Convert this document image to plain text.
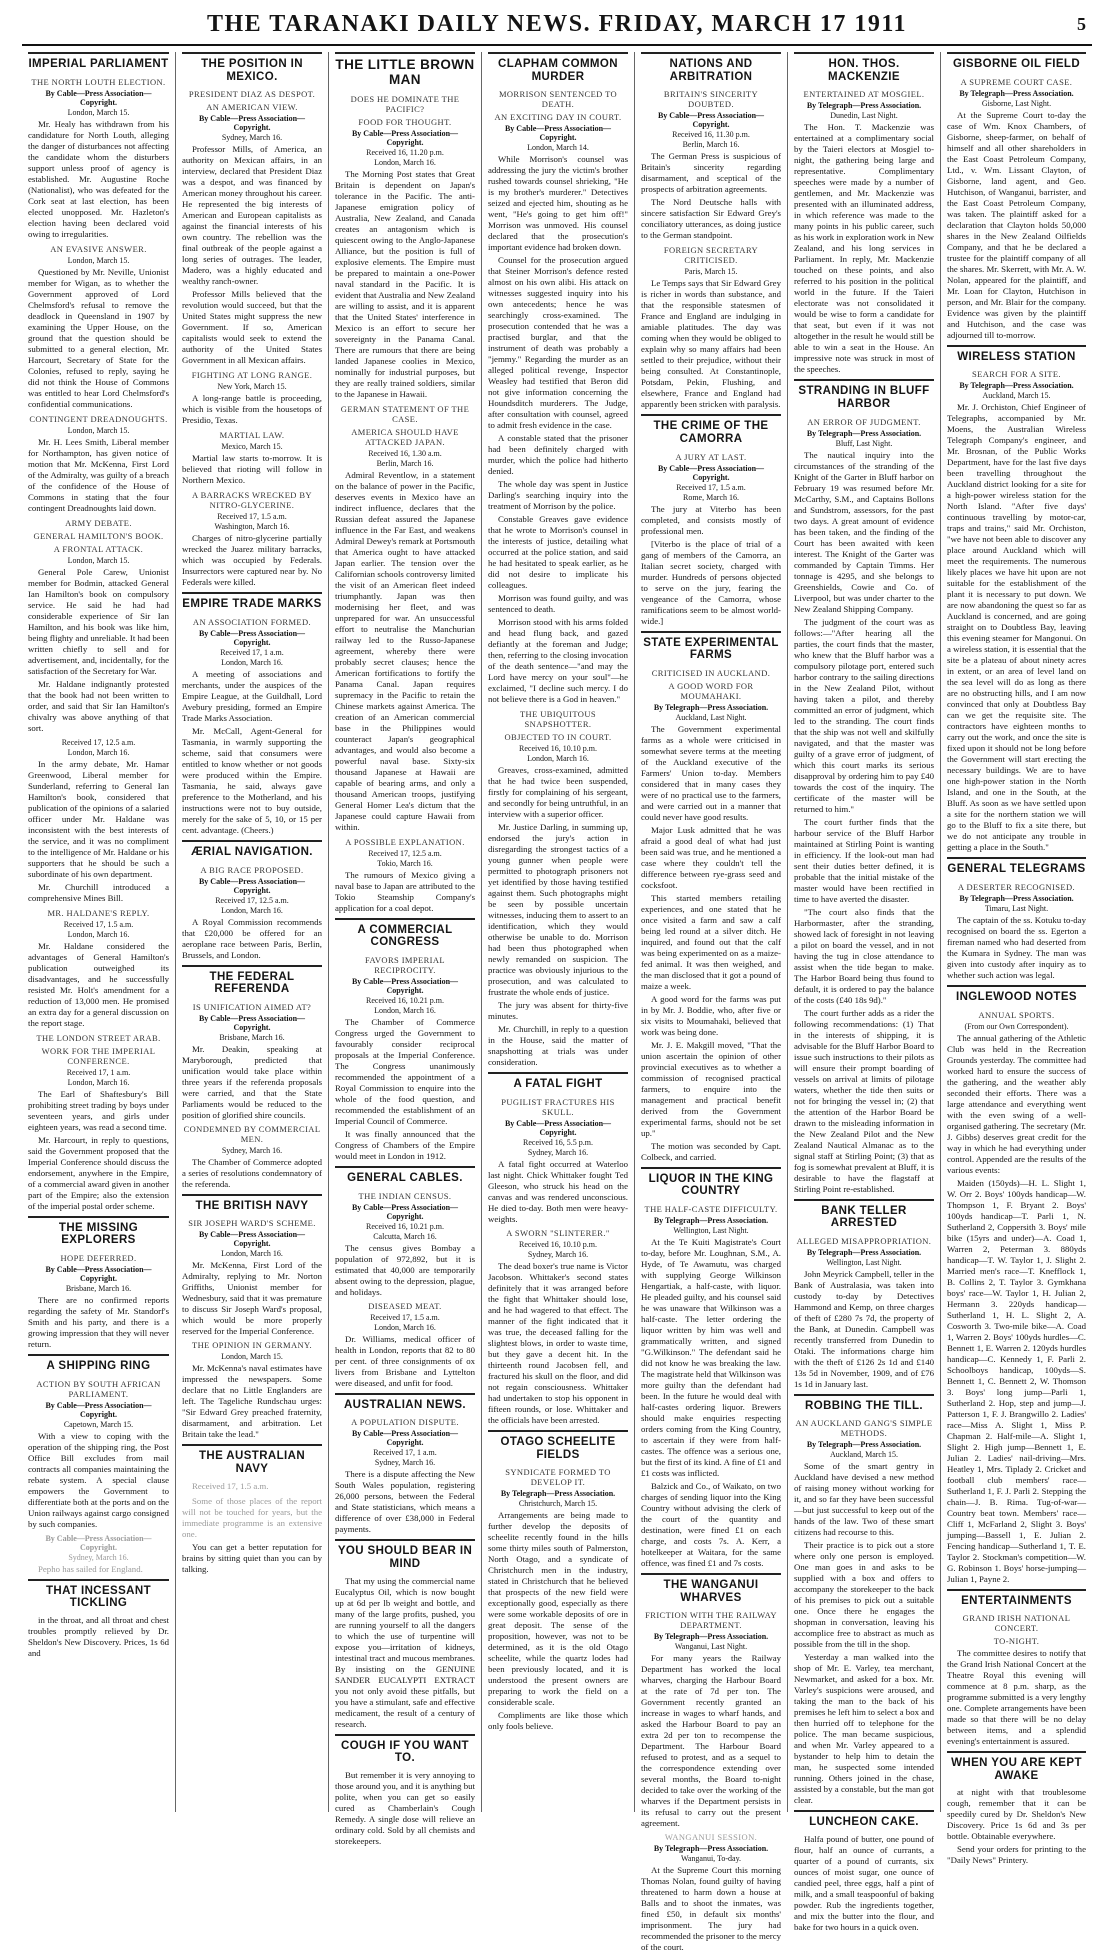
THE TARANAKI DAILY NEWS. FRIDAY, MARCH 17 1911	5
IMPERIAL PARLIAMENT
THE NORTH LOUTH ELECTION.
By Cable—Press Association—Copyright.
London, March 15.

Mr. Healy has withdrawn from his candidature for North Louth, alleging the danger of disturbances not affecting the candidate whom the disturbers support unless proof of agency is established. Mr. Augustine Roche (Nationalist), who was defeated for the Cork seat at last election, has been elected unopposed. Mr. Hazleton's election having been declared void owing to irregularities.

AN EVASIVE ANSWER.
London, March 15.

Questioned by Mr. Neville, Unionist member for Wigan, as to whether the Government approved of Lord Chelmsford's refusal to remove the deadlock in Queensland in 1907 by examining the Upper House, on the ground that the question should be submitted to a general election, Mr. Harcourt, Secretary of State for the Colonies, refused to reply, saying he did not think the House of Commons was entitled to hear Lord Chelmsford's confidential communications.

CONTINGENT DREADNOUGHTS.
London, March 15.

Mr. H. Lees Smith, Liberal member for Northampton, has given notice of motion that Mr. McKenna, First Lord of the Admiralty, was guilty of a breach of the confidence of the House of Commons in stating that the four contingent Dreadnoughts laid down.

ARMY DEBATE.
GENERAL HAMILTON'S BOOK.
A FRONTAL ATTACK.
London, March 15.

General Pole Carew, Unionist member for Bodmin, attacked General Ian Hamilton's book on compulsory service. He said he had had considerable experience of Sir Ian Hamilton, and his book was like him, being flighty and unreliable. It had been written chiefly to sell and for advertisement, and, incidentally, for the satisfaction of the Secretary for War.

Mr. Haldane indignantly protested that the book had not been written to order, and said that Sir Ian Hamilton's chivalry was above anything of that sort.

Received 17, 12.5 a.m.
London, March 16.

In the army debate, Mr. Hamar Greenwood, Liberal member for Sunderland, referring to General Ian Hamilton's book, considered that publication of the opinions of a salaried officer under Mr. Haldane was inconsistent with the best interests of the service, and it was no compliment to the intelligence of Mr. Haldane or his supporters that he should be such a subordinate of his own department.

Mr. Churchill introduced a comprehensive Mines Bill.

MR. HALDANE'S REPLY.
Received 17, 1.5 a.m.
London, March 16.

Mr. Haldane considered the advantages of General Hamilton's publication outweighed its disadvantages, and he successfully resisted Mr. Holt's amendment for a reduction of 13,000 men. He promised an extra day for a general discussion on the report stage.

THE LONDON STREET ARAB.
WORK FOR THE IMPERIAL CONFERENCE.
Received 17, 1 a.m.
London, March 16.

The Earl of Shaftesbury's Bill prohibiting street trading by boys under seventeen years, and girls under eighteen years, was read a second time.

Mr. Harcourt, in reply to questions, said the Government proposed that the Imperial Conference should discuss the endorsement, anywhere in the Empire, of a commercial award given in another part of the Empire; also the extension of the imperial postal order scheme.

THE MISSING EXPLORERS
HOPE DEFERRED.
By Cable—Press Association—Copyright.
Brisbane, March 16.

There are no confirmed reports regarding the safety of Mr. Standorf's Smith and his party, and there is a growing impression that they will never return.

A SHIPPING RING
ACTION BY SOUTH AFRICAN PARLIAMENT.
By Cable—Press Association—Copyright.
Capetown, March 15.

With a view to coping with the operation of the shipping ring, the Post Office Bill excludes from mail contracts all companies maintaining the rebate system. A special clause empowers the Government to differentiate both at the ports and on the Union railways against cargo consigned by such companies.

By Cable—Press Association—Copyright.
Sydney, March 16.

Pepho has sailed for England.

THAT INCESSANT TICKLING

in the throat, and all throat and chest troubles promptly relieved by Dr. Sheldon's New Discovery. Prices, 1s 6d and

THE POSITION IN MEXICO.
PRESIDENT DIAZ AS DESPOT.
AN AMERICAN VIEW.
By Cable—Press Association—Copyright.
Sydney, March 16.

Professor Mills, of America, an authority on Mexican affairs, in an interview, declared that President Diaz was a despot, and was financed by American money throughout his career. He represented the big interests of American and European capitalists as against the financial interests of his own country. The rebellion was the final outbreak of the people against a long series of outrages. The leader, Madero, was a highly educated and wealthy ranch-owner.

Professor Mills believed that the revolution would succeed, but that the United States might suppress the new Government. If so, American capitalists would seek to extend the authority of the United States Government in all Mexican affairs.

FIGHTING AT LONG RANGE.
New York, March 15.

A long-range battle is proceeding, which is visible from the housetops of Presidio, Texas.

MARTIAL LAW.
Mexico, March 15.

Martial law starts to-morrow. It is believed that rioting will follow in Northern Mexico.

A BARRACKS WRECKED BY NITRO-GLYCERINE.
Received 17, 1.5 a.m.
Washington, March 16.

Charges of nitro-glycerine partially wrecked the Juarez military barracks, which was occupied by Federals. Insurrectors were captured near by. No Federals were killed.

EMPIRE TRADE MARKS
AN ASSOCIATION FORMED.
By Cable—Press Association—Copyright.
Received 17, 1 a.m.
London, March 16.

A meeting of associations and merchants, under the auspices of the Empire League, at the Guildhall, Lord Avebury presiding, formed an Empire Trade Marks Association.

Mr. McCall, Agent-General for Tasmania, in warmly supporting the scheme, said that consumers were entitled to know whether or not goods were produced within the Empire. Tasmania, he said, always gave preference to the Motherland, and his instructions were not to buy outside, merely for the sake of 5, 10, or 15 per cent. advantage. (Cheers.)

ÆRIAL NAVIGATION.
A BIG RACE PROPOSED.
By Cable—Press Association—Copyright.
Received 17, 12.5 a.m.
London, March 16.

A Royal Commission recommends that £20,000 be offered for an aeroplane race between Paris, Berlin, Brussels, and London.

THE FEDERAL REFERENDA
IS UNIFICATION AIMED AT?
By Cable—Press Association—Copyright.
Brisbane, March 16.

Mr. Deakin, speaking at Maryborough, predicted that unification would take place within three years if the referenda proposals were carried, and that the State Parliaments would be reduced to the position of glorified shire councils.

CONDEMNED BY COMMERCIAL MEN.
Sydney, March 16.

The Chamber of Commerce adopted a series of resolutions condemnatory of the referenda.

THE BRITISH NAVY
SIR JOSEPH WARD'S SCHEME.
By Cable—Press Association—Copyright.
London, March 16.

Mr. McKenna, First Lord of the Admiralty, replying to Mr. Norton Griffiths, Unionist member for Wednesbury, said that it was premature to discuss Sir Joseph Ward's proposal, which would be more properly reserved for the Imperial Conference.

THE OPINION IN GERMANY.
London, March 15.

Mr. McKenna's naval estimates have impressed the newspapers. Some declare that no Little Englanders are left. The Tageliche Rundschau urges: "Sir Edward Grey preached fraternity, disarmament, and arbitration. Let Britain take the lead."

THE AUSTRALIAN NAVY

Received 17, 1.5 a.m.

Some of those places of the report will not be touched for years, but the immediate programme is an extensive one.

You can get a better reputation for brains by sitting quiet than you can by talking.

THE LITTLE BROWN MAN
DOES HE DOMINATE THE PACIFIC?
FOOD FOR THOUGHT.
By Cable—Press Association—Copyright.
Received 16, 11.20 p.m.
London, March 16.

The Morning Post states that Great Britain is dependent on Japan's tolerance in the Pacific. The anti-Japanese emigration policy of Australia, New Zealand, and Canada creates an antagonism which is quiescent owing to the Anglo-Japanese Alliance, but the position is full of explosive elements. The Empire must be prepared to maintain a one-Power naval standard in the Pacific. It is evident that Australia and New Zealand are willing to assist, and it is apparent that the United States' interference in Mexico is an effort to secure her sovereignty in the Panama Canal. There are rumours that there are being landed Japanese coolies in Mexico, nominally for industrial purposes, but they are really trained soldiers, similar to the Japanese in Hawaii.

GERMAN STATEMENT OF THE CASE.
AMERICA SHOULD HAVE ATTACKED JAPAN.
Received 16, 1.30 a.m.
Berlin, March 16.

Admiral Reventlow, in a statement on the balance of power in the Pacific, deserves events in Mexico have an indirect influence, declares that the Russian defeat assured the Japanese influence in the Far East, and weakens Admiral Dewey's remark at Portsmouth that America ought to have attacked Japan earlier. The tension over the Californian schools controversy limited the visit of an American fleet indeed triumphantly. Japan was then modernising her fleet, and was unprepared for war. An unsuccessful effort to neutralise the Manchurian railway led to the Russo-Japanese agreement, whereby there were probably secret clauses; hence the American fortifications to fortify the Panama Canal. Japan requires supremacy in the Pacific to retain the Chinese markets against America. The creation of an American commercial base in the Philippines would counteract Japan's geographical advantages, and would also become a powerful naval base. Sixty-six thousand Japanese at Hawaii are capable of bearing arms, and only a thousand American troops, justifying General Homer Lea's dictum that the Japanese could capture Hawaii from within.

A POSSIBLE EXPLANATION.
Received 17, 12.5 a.m.
Tokio, March 16.

The rumours of Mexico giving a naval base to Japan are attributed to the Tokio Steamship Company's application for a coal depot.

A COMMERCIAL CONGRESS
FAVORS IMPERIAL RECIPROCITY.
By Cable—Press Association—Copyright.
Received 16, 10.21 p.m.
London, March 16.

The Chamber of Commerce Congress urged the Government to favourably consider reciprocal proposals at the Imperial Conference. The Congress unanimously recommended the appointment of a Royal Commission to enquire into the whole of the food question, and recommended the establishment of an Imperial Council of Commerce.

It was finally announced that the Congress of Chambers of the Empire would meet in London in 1912.

GENERAL CABLES.
THE INDIAN CENSUS.
By Cable—Press Association—Copyright.
Received 16, 10.21 p.m.
Calcutta, March 16.

The census gives Bombay a population of 972,892, but it is estimated that 40,000 are temporarily absent owing to the depression, plague, and holidays.

DISEASED MEAT.
Received 17, 1.5 a.m.
London, March 16.

Dr. Williams, medical officer of health in London, reports that 82 to 80 per cent. of three consignments of ox livers from Brisbane and Lyttelton were diseased, and unfit for food.

AUSTRALIAN NEWS.
A POPULATION DISPUTE.
By Cable—Press Association—Copyright.
Received 17, 1 a.m.
Sydney, March 16.

There is a dispute affecting the New South Wales population, registering 26,000 persons, between the Federal and State statisticians, which means a difference of over £38,000 in Federal payments.

YOU SHOULD BEAR IN MIND

That my using the commercial name Eucalyptus Oil, which is now bought up at 6d per lb weight and bottle, and many of the large profits, pushed, you are running yourself to all the dangers to which the use of turpentine will expose you—irritation of kidneys, intestinal tract and mucous membranes. By insisting on the GENUINE SANDER EUCALYPTI EXTRACT you not only avoid these pitfalls, but you have a stimulant, safe and effective medicament, the result of a century of research.

COUGH IF YOU WANT TO.

But remember it is very annoying to those around you, and it is anything but polite, when you can get so easily cured as Chamberlain's Cough Remedy. A single dose will relieve an ordinary cold. Sold by all chemists and storekeepers.

CLAPHAM COMMON MURDER
MORRISON SENTENCED TO DEATH.
AN EXCITING DAY IN COURT.
By Cable—Press Association—Copyright.
London, March 14.

While Morrison's counsel was addressing the jury the victim's brother rushed towards counsel shrieking, "He is my brother's murderer." Detectives seized and ejected him, shouting as he went, "He's going to get him off!" Morrison was unmoved. His counsel declared that the prosecution's important evidence had broken down.

Counsel for the prosecution argued that Steiner Morrison's defence rested almost on his own alibi. His attack on witnesses suggested inquiry into his own antecedents; hence he was searchingly cross-examined. The prosecution contended that he was a practised burglar, and that the instrument of death was probably a "jemmy." Regarding the murder as an alleged political revenge, Inspector Weasley had testified that Beron did not give information concerning the Houndsditch murderers. The Judge, after consultation with counsel, agreed to admit fresh evidence in the case.

A constable stated that the prisoner had been definitely charged with murder, which the police had hitherto denied.

The whole day was spent in Justice Darling's searching inquiry into the treatment of Morrison by the police.

Constable Greaves gave evidence that he wrote to Morrison's counsel in the interests of justice, detailing what occurred at the police station, and said he had hesitated to speak earlier, as he did not desire to implicate his colleagues.

Morrison was found guilty, and was sentenced to death.

Morrison stood with his arms folded and head flung back, and gazed defiantly at the foreman and Judge; then, referring to the closing invocation of the death sentence—"and may the Lord have mercy on your soul"—he exclaimed, "I decline such mercy. I do not believe there is a God in heaven."

THE UBIQUITOUS SNAPSHOTTER.
OBJECTED TO IN COURT.
Received 16, 10.10 p.m.
London, March 16.

Greaves, cross-examined, admitted that he had twice been suspended, firstly for complaining of his sergeant, and secondly for being untruthful, in an interview with a superior officer.

Mr. Justice Darling, in summing up, endorsed the jury's action in disregarding the strongest tactics of a young gunner when people were permitted to photograph prisoners not yet identified by those having testified against them. Such photographs might be seen by possible uncertain witnesses, inducing them to assert to an identification, which they would otherwise be unable to do. Morrison had been thus photographed when newly remanded on suspicion. The practice was obviously injurious to the prosecution, and was calculated to frustrate the whole ends of justice.

The jury was absent for thirty-five minutes.

Mr. Churchill, in reply to a question in the House, said the matter of snapshotting at trials was under consideration.

A FATAL FIGHT
PUGILIST FRACTURES HIS SKULL.
By Cable—Press Association—Copyright.
Received 16, 5.5 p.m.
Sydney, March 16.

A fatal fight occurred at Waterloo last night. Chick Whittaker fought Ted Gleeson, who struck his head on the canvas and was rendered unconscious. He died to-day. Both men were heavy-weights.

A SWORN "SLINTERER."
Received 16, 10.10 p.m.
Sydney, March 16.

The dead boxer's true name is Victor Jacobson. Whittaker's second states definitely that it was arranged before the fight that Whittaker should lose, and he had wagered to that effect. The manner of the fight indicated that it was true, the deceased falling for the slightest blows, in order to waste time, but they gave a decent hit. In the thirteenth round Jacobsen fell, and fractured his skull on the floor, and did not regain consciousness. Whittaker had undertaken to stop his opponent in fifteen rounds, or lose. Whittaker and the officials have been arrested.

OTAGO SCHEELITE FIELDS
SYNDICATE FORMED TO DEVELOP IT.
By Telegraph—Press Association.
Christchurch, March 15.

Arrangements are being made to further develop the deposits of scheelite recently found in the hills some thirty miles south of Palmerston, North Otago, and a syndicate of Christchurch men in the industry, stated in Christchurch that he believed that prospects of the new field were exceptionally good, especially as there were some workable deposits of ore in great deposit. The sense of the proposition, however, was not to be determined, as it is the old Otago scheelite, while the quartz lodes had been previously located, and it is understood the present owners are preparing to work the field on a considerable scale.

Compliments are like those which only fools believe.

NATIONS AND ARBITRATION
BRITAIN'S SINCERITY DOUBTED.
By Cable—Press Association—Copyright.
Received 16, 11.30 p.m.
Berlin, March 16.

The German Press is suspicious of Britain's sincerity regarding disarmament, and sceptical of the prospects of arbitration agreements.

The Nord Deutsche halls with sincere satisfaction Sir Edward Grey's conciliatory utterances, as doing justice to the German standpoint.

FOREIGN SECRETARY CRITICISED.
Paris, March 15.

Le Temps says that Sir Edward Grey is richer in words than substance, and that the responsible statesmen of France and England are indulging in amiable platitudes. The day was coming when they would be obliged to explain why so many affairs had been settled to their prejudice, without their being consulted. At Constantinople, Potsdam, Pekin, Flushing, and elsewhere, France and England had apparently been stricken with paralysis.

THE CRIME OF THE CAMORRA
A JURY AT LAST.
By Cable—Press Association—Copyright.
Received 17, 1.5 a.m.
Rome, March 16.

The jury at Viterbo has been completed, and consists mostly of professional men.

[Viterbo is the place of trial of a gang of members of the Camorra, an Italian secret society, charged with murder. Hundreds of persons objected to serve on the jury, fearing the vengeance of the Camorra, whose ramifications seem to be almost world-wide.]

STATE EXPERIMENTAL FARMS
CRITICISED IN AUCKLAND.
A GOOD WORD FOR MOUMAHAKI.
By Telegraph—Press Association.
Auckland, Last Night.

The Government experimental farms as a whole were criticised in somewhat severe terms at the meeting of the Auckland executive of the Farmers' Union to-day. Members considered that in many cases they were of no practical use to the farmers, and were carried out in a manner that could never have good results.

Major Lusk admitted that he was afraid a good deal of what had just been said was true, and he mentioned a case where they couldn't tell the difference between rye-grass seed and cocksfoot.

This started members retailing experiences, and one stated that he once visited a farm and saw a calf being led round at a silver ditch. He inquired, and found out that the calf was being experimented on as a maize-fed animal. It was then weighed, and the man disclosed that it got a pound of maize a week.

A good word for the farms was put in by Mr. J. Boddie, who, after five or six visits to Moumahaki, believed that work was being done.

Mr. J. E. Makgill moved, "That the union ascertain the opinion of other provincial executives as to whether a commission of recognised practical farmers, to enquire into the management and practical benefit derived from the Government experimental farms, should not be set up."

The motion was seconded by Capt. Colbeck, and carried.

LIQUOR IN THE KING COUNTRY
THE HALF-CASTE DIFFICULTY.
By Telegraph—Press Association.
Wellington, Last Night.

At the Te Kuiti Magistrate's Court to-day, before Mr. Loughnan, S.M., A. Hyde, of Te Awamutu, was charged with supplying George Wilkinson Hengartiak, a half-caste, with liquor. He pleaded guilty, and his counsel said he was unaware that Wilkinson was a half-caste. The letter ordering the liquor written by him was well and grammatically written, and signed "G.Wilkinson." The defendant said he did not know he was breaking the law. The magistrate held that Wilkinson was more guilty than the defendant had been. In the future he would deal with half-castes ordering liquor. Brewers should make enquiries respecting orders coming from the King Country, to ascertain if they were from half-castes. The offence was a serious one, but the first of its kind. A fine of £1 and £1 costs was inflicted.

Balzick and Co., of Waikato, on two charges of sending liquor into the King Country without advising the clerk of the court of the quantity and destination, were fined £1 on each charge, and costs 7s. A. Kerr, a hotelkeeper at Waitara, for the same offence, was fined £1 and 7s costs.

THE WANGANUI WHARVES
FRICTION WITH THE RAILWAY DEPARTMENT.
By Telegraph—Press Association.
Wanganui, Last Night.

For many years the Railway Department has worked the local wharves, charging the Harbour Board at the rate of 7d per ton. The Government recently granted an increase in wages to wharf hands, and asked the Harbour Board to pay an extra 2d per ton to recompense the Department. The Harbour Board refused to protest, and as a sequel to the correspondence extending over several months, the Board to-night decided to take over the working of the wharves if the Department persists in its refusal to carry out the present agreement.

WANGANUI SESSION.
By Telegraph—Press Association.
Wanganui, To-day.

At the Supreme Court this morning Thomas Nolan, found guilty of having threatened to harm down a house at Balls and to shoot the inmates, was fined £50, in default six months' imprisonment. The jury had recommended the prisoner to the mercy of the court.

HON. THOS. MACKENZIE
ENTERTAINED AT MOSGIEL.
By Telegraph—Press Association.
Dunedin, Last Night.

The Hon. T. Mackenzie was entertained at a complimentary social by the Taieri electors at Mosgiel to-night, the gathering being large and representative. Complimentary speeches were made by a number of gentlemen, and Mr. Mackenzie was presented with an illuminated address, in which reference was made to the many points in his public career, such as his work in exploration work in New Zealand, and his long services in Parliament. In reply, Mr. Mackenzie touched on these points, and also referred to his position in the political world in the future. If the Taieri electorate was not consolidated it would be wise to form a candidate for that seat, but even if it was not altogether in the result he would still be able to win a seat in the House. An impressive note was struck in most of the speeches.

STRANDING IN BLUFF HARBOR
AN ERROR OF JUDGMENT.
By Telegraph—Press Association.
Bluff, Last Night.

The nautical inquiry into the circumstances of the stranding of the Knight of the Garter in Bluff harbor on February 19 was resumed before Mr. McCarthy, S.M., and Captains Bollons and Sundstrom, assessors, for the past two days. A great amount of evidence has been taken, and the finding of the Court has been awaited with keen interest. The Knight of the Garter was commanded by Captain Timms. Her tonnage is 4295, and she belongs to Greenshields, Cowie and Co. of Liverpool, but was under charter to the New Zealand Shipping Company.

The judgment of the court was as follows:—"After hearing all the parties, the court finds that the master, who knew that the Bluff harbor was a compulsory pilotage port, entered such harbor contrary to the sailing directions in the New Zealand Pilot, without having taken a pilot, and thereby committed an error of judgment, which led to the stranding. The court finds that the ship was not well and skilfully navigated, and that the master was guilty of a grave error of judgment, of which this court marks its serious disapproval by ordering him to pay £40 towards the cost of the inquiry. The certificate of the master will be returned to him."

The court further finds that the harbour service of the Bluff Harbor maintained at Stirling Point is wanting in efficiency. If the look-out man had sent their duties better defined, it is probable that the initial mistake of the master would have been rectified in time to have averted the disaster.

"The court also finds that the Harbormaster, after the stranding, showed lack of foresight in not leaving a pilot on board the vessel, and in not having the tug in close attendance to assist when the tide began to make. The Harbor Board being thus found to default, it is ordered to pay the balance of the costs (£40 18s 9d)."

The court further adds as a rider the following recommendations: (1) That in the interests of shipping, it is advisable for the Bluff Harbor Board to issue such instructions to their pilots as will ensure their prompt boarding of vessels on arrival at limits of pilotage waters, whether the tide then suits or not for bringing the vessel in; (2) that the attention of the Harbor Board be drawn to the misleading information in the New Zealand Pilot and the New Zealand Nautical Almanac as to the signal staff at Stirling Point; (3) that as fog is somewhat prevalent at Bluff, it is desirable to have the flagstaff at Stirling Point re-established.

BANK TELLER ARRESTED
ALLEGED MISAPPROPRIATION.
By Telegraph—Press Association.
Wellington, Last Night.

John Meyrick Campbell, teller in the Bank of Australasia, was taken into custody to-day by Detectives Hammond and Kemp, on three charges of theft of £280 7s 7d, the property of the Bank, at Dunedin. Campbell was recently transferred from Dunedin to Otaki. The informations charge him with the theft of £126 2s 1d and £140 13s 5d in November, 1909, and of £76 1s 1d in January last.

ROBBING THE TILL.
AN AUCKLAND GANG'S SIMPLE METHODS.
By Telegraph—Press Association.
Auckland, March 15.

Some of the smart gentry in Auckland have devised a new method of raising money without working for it, and so far they have been successful—but just successful to keep out of the hands of the law. Two of these smart citizens had recourse to this.

Their practice is to pick out a store where only one person is employed. One man goes in and asks to be supplied with a box and offers to accompany the storekeeper to the back of his premises to pick out a suitable one. Once there he engages the shopman in conversation, leaving his accomplice free to abstract as much as possible from the till in the shop.

Yesterday a man walked into the shop of Mr. E. Varley, tea merchant, Newmarket, and asked for a box. Mr. Varley's suspicions were aroused, and taking the man to the back of his premises he left him to select a box and then hurried off to telephone for the police. The man became suspicious, and when Mr. Varley appeared to a bystander to help him to detain the man, he suspected some intended running. Others joined in the chase, assisted by a constable, but the man got clear.

LUNCHEON CAKE.

Halfa pound of butter, one pound of flour, half an ounce of currants, a quarter of a pound of currants, six ounces of moist sugar, one ounce of candied peel, three eggs, half a pint of milk, and a small teaspoonful of baking powder. Rub the ingredients together, and mix the butter into the flour, and bake for two hours in a quick oven.

GISBORNE OIL FIELD
A SUPREME COURT CASE.
By Telegraph—Press Association.
Gisborne, Last Night.

At the Supreme Court to-day the case of Wm. Knox Chambers, of Gisborne, sheep-farmer, on behalf of himself and all other shareholders in the East Coast Petroleum Company, Ltd., v. Wm. Lissant Clayton, of Gisborne, land agent, and Geo. Hutchison, of Wanganui, barrister, and the East Coast Petroleum Company, was taken. The plaintiff asked for a declaration that Clayton holds 50,000 shares in the New Zealand Oilfields Company, and that he be declared a trustee for the plaintiff company of all the shares. Mr. Skerrett, with Mr. A. W. Nolan, appeared for the plaintiff, and Mr. Loan for Clayton, Hutchison in person, and Mr. Blair for the company. Evidence was given by the plaintiff and Hutchison, and the case was adjourned till to-morrow.

WIRELESS STATION
SEARCH FOR A SITE.
By Telegraph—Press Association.
Auckland, March 15.

Mr. J. Orchiston, Chief Engineer of Telegraphs, accompanied by Mr. Moens, the Australian Wireless Telegraph Company's engineer, and Mr. Brosnan, of the Public Works Department, have for the last five days been travelling throughout the Auckland district looking for a site for a high-power wireless station for the North Island. "After five days' continuous travelling by motor-car, traps and trains," said Mr. Orchiston, "we have not been able to discover any place around Auckland which will meet the requirements. The numerous likely places we have hit upon are not suitable for the establishment of the plant it is necessary to put down. We are now abandoning the quest so far as Auckland is concerned, and are going straight on to Doubtless Bay, leaving this evening steamer for Mangonui. On a wireless station, it is essential that the site be a plateau of about ninety acres in extent, or an area of level land on the sea level will do as long as there are no obstructing hills, and I am now convinced that only at Doubtless Bay can we get the requisite site. The contractors have eighteen months to carry out the work, and once the site is fixed upon it should not be long before the Government will start erecting the necessary buildings. We are to have one high-power station in the North Island, and one in the South, at the Bluff. As soon as we have settled upon a site for the northern station we will go to the Bluff to fix a site there, but we do not anticipate any trouble in getting a place in the South."

GENERAL TELEGRAMS
A DESERTER RECOGNISED.
By Telegraph—Press Association.
Timaru, Last Night.

The captain of the ss. Kotuku to-day recognised on board the ss. Egerton a fireman named who had deserted from the Kumara in Sydney. The man was given into custody after inquiry as to whether such action was legal.

INGLEWOOD NOTES
ANNUAL SPORTS.
(From our Own Correspondent).

The annual gathering of the Athletic Club was held in the Recreation Grounds yesterday. The committee had worked hard to ensure the success of the gathering, and the weather ably seconded their efforts. There was a large attendance and everything went with the even swing of a well-organised gathering. The secretary (Mr. J. Gibbs) deserves great credit for the way in which he had everything under control. Appended are the results of the various events:

Maiden (150yds)—H. L. Slight 1, W. Orr 2. Boys' 100yds handicap—W. Thompson 1, F. Bryant 2. Boys' 100yds handicap—T. Parli 1, N. Sutherland 2, Coppersith 3. Boys' mile bike (15yrs and under)—A. Coad 1, Warren 2, Peterman 3. 880yds handicap—T. W. Taylor 1, J. Slight 2. Married men's race—T. Knefflock 1, B. Collins 2, T. Taylor 3. Gymkhana boys' race—W. Taylor 1, H. Julian 2, Hermann 3. 220yds handicap—Sutherland 1, H. L. Slight 2, A. Cosworth 3. Two-mile bike—A. Coad 1, Warren 2. Boys' 100yds hurdles—C. Bennett 1, E. Warren 2. 120yds hurdles handicap—C. Kennedy 1, F. Parli 2. Schoolboys handicap, 100yds—S. Bennett 1, C. Bennett 2, W. Thomson 3. Boys' long jump—Parli 1, Sutherland 2. Hop, step and jump—J. Patterson 1, F. J. Brangwillo 2. Ladies' race—Miss A. Slight 1, Miss P. Chapman 2. Half-mile—A. Slight 1, Slight 2. High jump—Bennett 1, E. Julian 2. Ladies' nail-driving—Mrs. Heatley 1, Mrs. Tiplady 2. Cricket and football club members' race—Sutherland 1, F. J. Parli 2. Stepping the chain—J. B. Rima. Tug-of-war—Country beat town. Members' race—Cliff 1, McFarland 2, Slight 3. Boys' jumping—Bassell 1, E. Julian 2. Fencing handicap—Sutherland 1, T. E. Taylor 2. Stockman's competition—W. G. Robinson 1. Boys' horse-jumping—Julian 1, Payne 2.

ENTERTAINMENTS
GRAND IRISH NATIONAL CONCERT.
TO-NIGHT.

The committee desires to notify that the Grand Irish National Concert at the Theatre Royal this evening will commence at 8 p.m. sharp, as the programme submitted is a very lengthy one. Complete arrangements have been made so that there will be no delay between items, and a splendid evening's entertainment is assured.

WHEN YOU ARE KEPT AWAKE

at night with that troublesome cough, remember that it can be speedily cured by Dr. Sheldon's New Discovery. Price 1s 6d and 3s per bottle. Obtainable everywhere.

Send your orders for printing to the "Daily News" Printery.
